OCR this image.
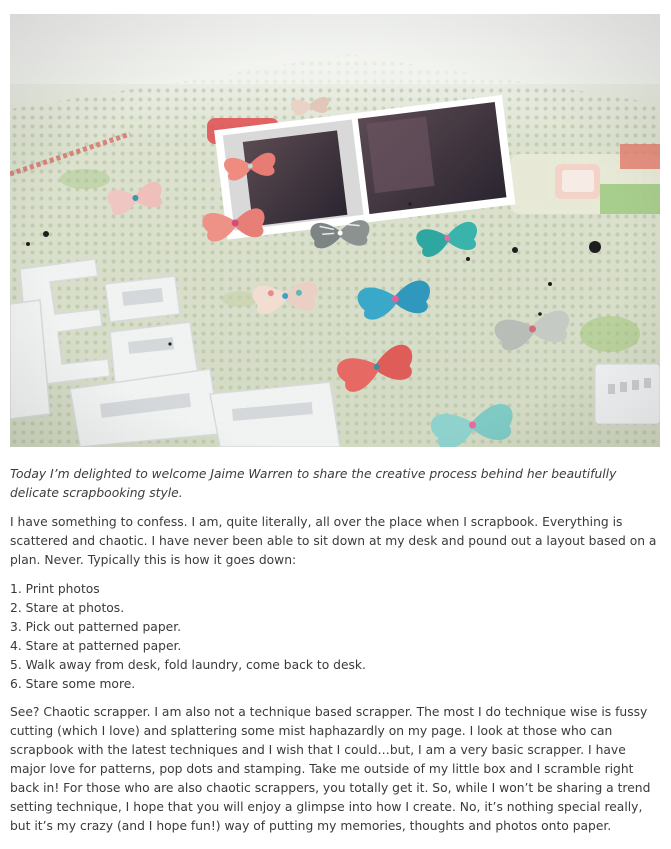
Today I’m delighted to welcome Jaime Warren to share the creative process behind her beautifully delicate scrapbooking style.

I have something to confess. I am, quite literally, all over the place when I scrapbook. Everything is scattered and chaotic. I have never been able to sit down at my desk and pound out a layout based on a plan. Never. Typically this is how it goes down:

1. Print photos
2. Stare at photos.
3. Pick out patterned paper.
4. Stare at patterned paper.
5. Walk away from desk, fold laundry, come back to desk.
6. Stare some more.

See? Chaotic scrapper. I am also not a technique based scrapper. The most I do technique wise is fussy cutting (which I love) and splattering some mist haphazardly on my page. I look at those who can scrapbook with the latest techniques and I wish that I could…but, I am a very basic scrapper. I have major love for patterns, pop dots and stamping. Take me outside of my little box and I scramble right back in! For those who are also chaotic scrappers, you totally get it. So, while I won’t be sharing a trend setting technique, I hope that you will enjoy a glimpse into how I create. No, it’s nothing special really, but it’s my crazy (and I hope fun!) way of putting my memories, thoughts and photos onto paper.
